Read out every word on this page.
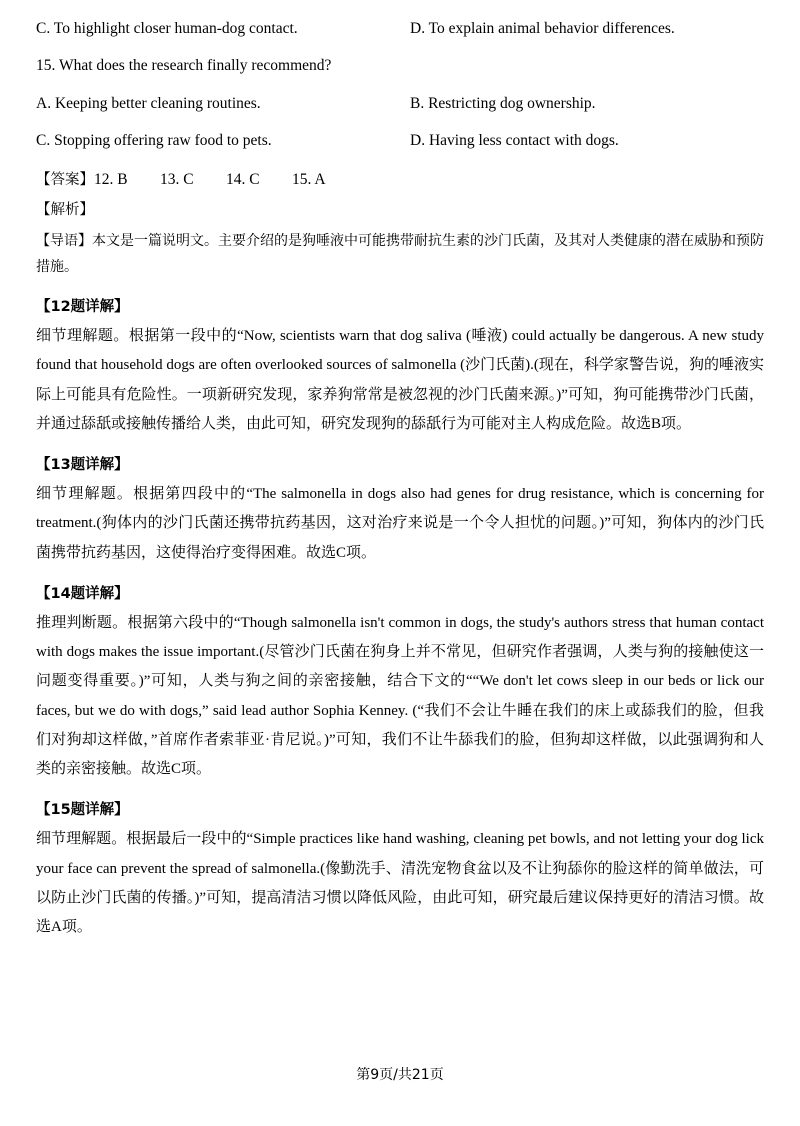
C. To highlight closer human-dog contact.	D. To explain animal behavior differences.
15. What does the research finally recommend?
A. Keeping better cleaning routines.	B. Restricting dog ownership.
C. Stopping offering raw food to pets.	D. Having less contact with dogs.
【答案】12. B 13. C 14. C 15. A
【解析】
【导语】本文是一篇说明文。主要介绍的是狗唾液中可能携带耐抗生素的沙门氏菌，及其对人类健康的潜在威胁和预防措施。
【12题详解】
细节理解题。根据第一段中的“Now, scientists warn that dog saliva (唾液) could actually be dangerous. A new study found that household dogs are often overlooked sources of salmonella (沙门氏菌).(现在，科学家警告说，狗的唾液实际上可能具有危险性。一项新研究发现，家养狗常常是被忽视的沙门氏菌来源。)”可知，狗可能携带沙门氏菌，并通过舔舐或接触传播给人类，由此可知，研究发现狗的舔舐行为可能对主人构成危险。故选B项。
【13题详解】
细节理解题。根据第四段中的“The salmonella in dogs also had genes for drug resistance, which is concerning for treatment.(狗体内的沙门氏菌还携带抗药基因，这对治疗来说是一个令人担忧的问题。)”可知，狗体内的沙门氏菌携带抗药基因，这使得治疗变得困难。故选C项。
【14题详解】
推理判断题。根据第六段中的“Though salmonella isn't common in dogs, the study's authors stress that human contact with dogs makes the issue important.(尽管沙门氏菌在狗身上并不常见，但研究作者强调，人类与狗的接触使这一问题变得重要。)”可知，人类与狗之间的亲密接触，结合下文的““We don't let cows sleep in our beds or lick our faces, but we do with dogs,” said lead author Sophia Kenney. (“我们不会让牛睡在我们的床上或舔我们的脸，但我们对狗却这样做，”首席作者索菲亚·肯尼说。)”可知，我们不让牛舔我们的脸，但狗却这样做，以此强调狗和人类的亲密接触。故选C项。
【15题详解】
细节理解题。根据最后一段中的“Simple practices like hand washing, cleaning pet bowls, and not letting your dog lick your face can prevent the spread of salmonella.(像勤洗手、清洗宠物食盆以及不让狗舔你的脸这样的简单做法，可以防止沙门氏菌的传播。)”可知，提高清洁习惯以降低风险，由此可知，研究最后建议保持更好的清洁习惯。故选A项。
第9页/共21页
